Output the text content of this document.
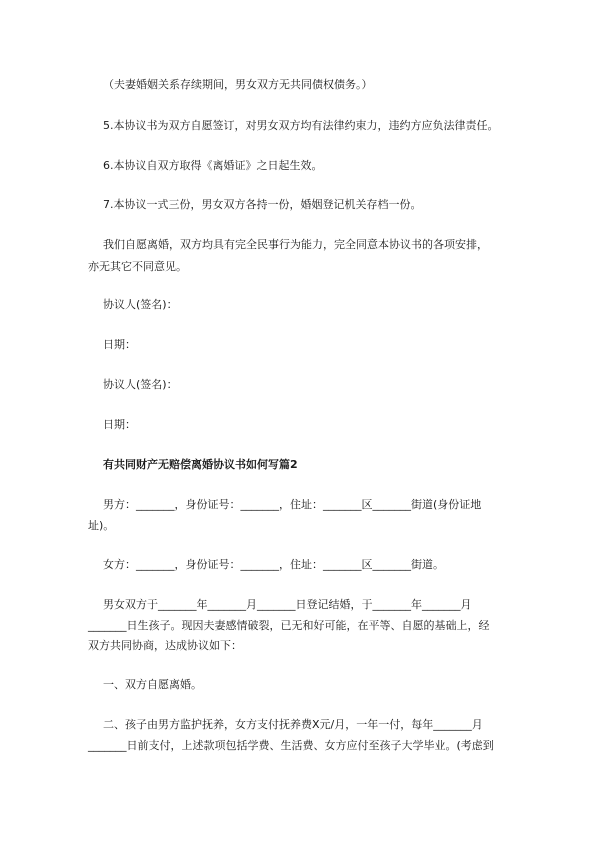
（夫妻婚姻关系存续期间，男女双方无共同债权债务。）
5.本协议书为双方自愿签订，对男女双方均有法律约束力，违约方应负法律责任。
6.本协议自双方取得《离婚证》之日起生效。
7.本协议一式三份，男女双方各持一份，婚姻登记机关存档一份。
我们自愿离婚，双方均具有完全民事行为能力，完全同意本协议书的各项安排，
亦无其它不同意见。
协议人(签名)：
日期：
协议人(签名)：
日期：
有共同财产无赔偿离婚协议书如何写篇2
男方：_______，身份证号：_______，住址：_______区_______街道(身份证地
址)。
女方：_______，身份证号：_______，住址：_______区_______街道。
男女双方于_______年_______月_______日登记结婚，于_______年_______月
_______日生孩子。现因夫妻感情破裂，已无和好可能，在平等、自愿的基础上，经
双方共同协商，达成协议如下：
一、双方自愿离婚。
二、孩子由男方监护抚养，女方支付抚养费X元/月，一年一付，每年_______月
_______日前支付，上述款项包括学费、生活费、女方应付至孩子大学毕业。(考虑到
